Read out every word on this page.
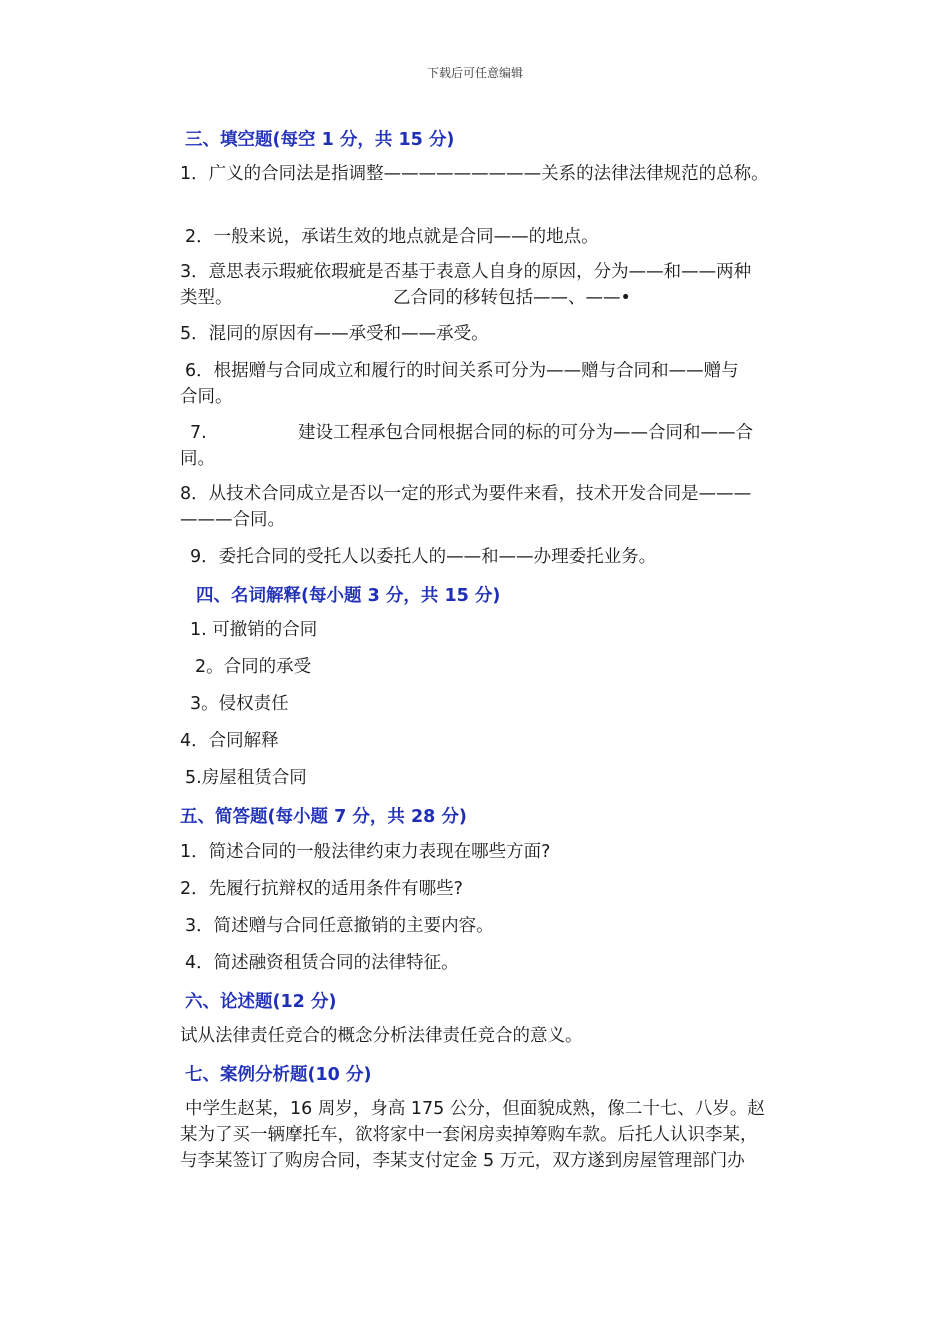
下载后可任意编辑
三、填空题(每空 1 分，共 15 分)
1．广义的合同法是指调整—————————关系的法律法律规范的总称。
2．一般来说，承诺生效的地点就是合同——的地点。
3．意思表示瑕疵依瑕疵是否基于表意人自身的原因，分为——和——两种
类型。	乙合同的移转包括——、——•
5．混同的原因有——承受和——承受。
6．根据赠与合同成立和履行的时间关系可分为——赠与合同和——赠与
合同。
7.	建设工程承包合同根据合同的标的可分为——合同和——合
同。
8．从技术合同成立是否以一定的形式为要件来看，技术开发合同是———
———合同。
9．委托合同的受托人以委托人的——和——办理委托业务。
四、名词解释(每小题 3 分，共 15 分)
1. 可撤销的合同
2。合同的承受
3。侵权责任
4．合同解释
5.房屋租赁合同
五、简答题(每小题 7 分，共 28 分)
1．简述合同的一般法律约束力表现在哪些方面?
2．先履行抗辩权的适用条件有哪些?
3．简述赠与合同任意撤销的主要内容。
4．简述融资租赁合同的法律特征。
六、论述题(12 分)
试从法律责任竞合的概念分析法律责任竞合的意义。
七、案例分析题(10 分)
中学生赵某，16 周岁，身高 175 公分，但面貌成熟，像二十七、八岁。赵
某为了买一辆摩托车，欲将家中一套闲房卖掉筹购车款。后托人认识李某，
与李某签订了购房合同，李某支付定金 5 万元，双方遂到房屋管理部门办
